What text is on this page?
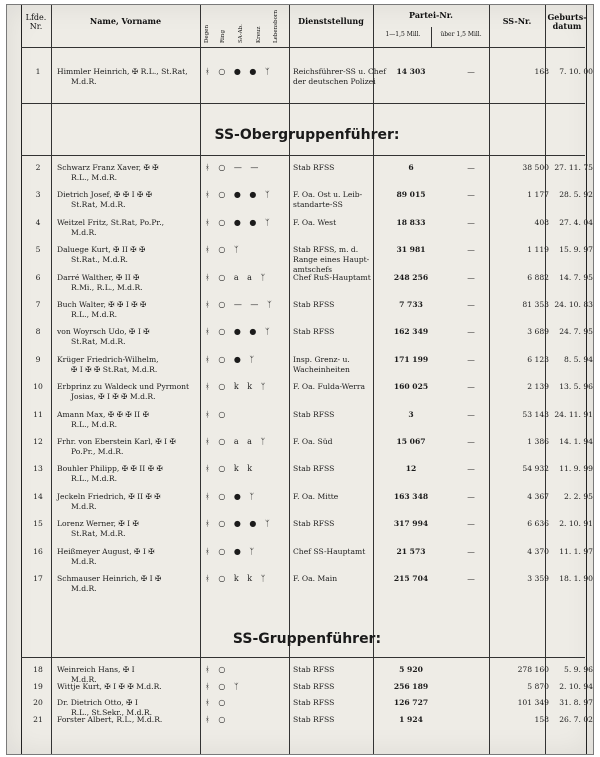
Lfde. Nr.
Name, Vorname
Degen Ring SA-Ab. Kreuz Lebensborn	Dienststellung
Partei-Nr.
1—1,5 Mill.	über 1,5 Mill.
SS-Nr.	Geburts-datum
1	Himmler Heinrich, ✠ R.L., St.Rat, ᚼ ○ ● ● ᛉ	Reichsführer-SS u. Chef	14 303	—	168	7. 10. 00
M.d.R.	der deutschen Polizei
SS-Obergruppenführer:
2	Schwarz Franz Xaver, ✠ ✠	ᚼ ○ — —	Stab RFSS	6	—	38 500 27. 11. 75
R.L., M.d.R.
3	Dietrich Josef, ✠ ✠ I ✠ ✠	ᚼ ○ ● ● ᛉ	F. Oa. Ost u. Leib-	89 015	—	1 177	28. 5. 92
St.Rat, M.d.R.	standarte-SS
4	Weitzel Fritz, St.Rat, Po.Pr.,	ᚼ ○ ● ● ᛉ	F. Oa. West	18 833	—	408	27. 4. 04
M.d.R.
5	Daluege Kurt, ✠ II ✠ ✠	ᚼ ○ ᛉ	Stab RFSS, m. d.	31 981	—	1 119	15. 9. 97
St.Rat., M.d.R.	Range eines Haupt-
amtschefs
6	Darré Walther, ✠ II ✠	ᚼ ○ a a ᛉ	Chef RuS-Hauptamt	248 256	—	6 882	14. 7. 95
R.Mi., R.L., M.d.R.
7	Buch Walter, ✠ ✠ I ✠ ✠	ᚼ ○ — — ᛉ Stab RFSS	7 733	—	81 353 24. 10. 83
R.L., M.d.R.
8	von Woyrsch Udo, ✠ I ✠	ᚼ ○ ● ● ᛉ	Stab RFSS	162 349	—	3 689	24. 7. 95
St.Rat, M.d.R.
9	Krüger Friedrich-Wilhelm,	ᚼ ○ ● ᛉ	Insp. Grenz- u.	171 199	—	6 123	8. 5. 94
✠ I ✠ ✠ St.Rat, M.d.R.	Wacheinheiten
10	Erbprinz zu Waldeck und Pyrmont ᚼ ○ k k ᛉ	F. Oa. Fulda-Werra	160 025	—	2 139	13. 5. 96
Josias, ✠ I ✠ ✠ M.d.R.
11	Amann Max, ✠ ✠ ✠ II ✠	ᚼ ○	Stab RFSS	3	—	53 143 24. 11. 91
R.L., M.d.R.
12	Frhr. von Eberstein Karl, ✠ I ✠	ᚼ ○ a a ᛉ	F. Oa. Süd	15 067	—	1 386	14. 1. 94
Po.Pr., M.d.R.
13	Bouhler Philipp, ✠ ✠ II ✠ ✠	ᚼ ○ k k	Stab RFSS	12	—	54 932	11. 9. 99
R.L., M.d.R.
14	Jeckeln Friedrich, ✠ II ✠ ✠	ᚼ ○ ● ᛉ	F. Oa. Mitte	163 348	—	4 367	2. 2. 95
M.d.R.
15	Lorenz Werner, ✠ I ✠	ᚼ ○ ● ● ᛉ	Stab RFSS	317 994	—	6 636	2. 10. 91
St.Rat, M.d.R.
16	Heißmeyer August, ✠ I ✠	ᚼ ○ ● ᛉ	Chef SS-Hauptamt	21 573	—	4 370	11. 1. 97
M.d.R.
17	Schmauser Heinrich, ✠ I ✠	ᚼ ○ k k ᛉ	F. Oa. Main	215 704	—	3 359	18. 1. 90
M.d.R.
SS-Gruppenführer:
18	Weinreich Hans, ✠ I	ᚼ ○	Stab RFSS	5 920	278 160	5. 9. 96
M.d.R.
19	Wittje Kurt, ✠ I ✠ ✠ M.d.R.	ᚼ ○ ᛉ	Stab RFSS	256 189	5 870	2. 10. 94
20	Dr. Dietrich Otto, ✠ I	ᚼ ○	Stab RFSS	126 727	101 349	31. 8. 97
R.L., St.Sekr., M.d.R.
21	Forster Albert, R.L., M.d.R.	ᚼ ○	Stab RFSS	1 924	158	26. 7. 02
